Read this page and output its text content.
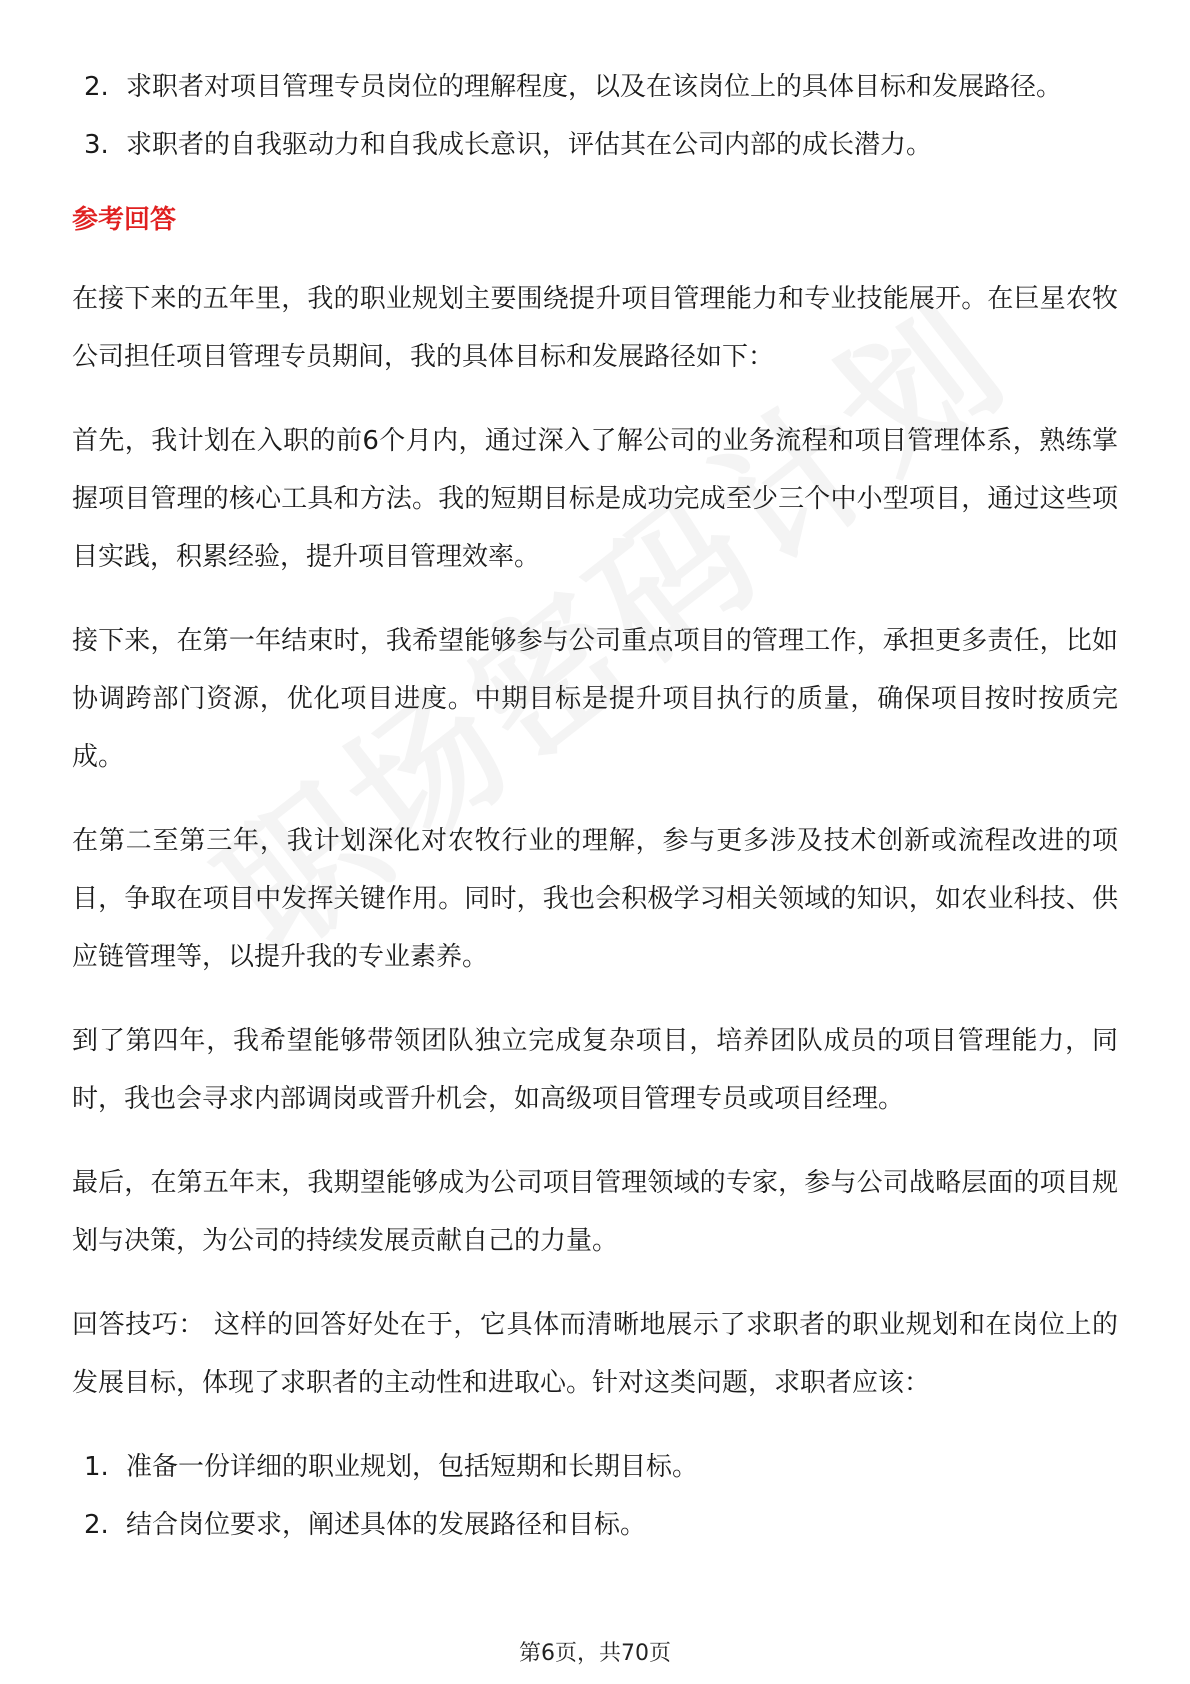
2. 求职者对项目管理专员岗位的理解程度，以及在该岗位上的具体目标和发展路径。
3. 求职者的自我驱动力和自我成长意识，评估其在公司内部的成长潜力。
参考回答

在接下来的五年里，我的职业规划主要围绕提升项目管理能力和专业技能展开。在巨星农牧公司担任项目管理专员期间，我的具体目标和发展路径如下：

首先，我计划在入职的前6个月内，通过深入了解公司的业务流程和项目管理体系，熟练掌握项目管理的核心工具和方法。我的短期目标是成功完成至少三个中小型项目，通过这些项目实践，积累经验，提升项目管理效率。

接下来，在第一年结束时，我希望能够参与公司重点项目的管理工作，承担更多责任，比如协调跨部门资源，优化项目进度。中期目标是提升项目执行的质量，确保项目按时按质完成。

在第二至第三年，我计划深化对农牧行业的理解，参与更多涉及技术创新或流程改进的项目，争取在项目中发挥关键作用。同时，我也会积极学习相关领域的知识，如农业科技、供应链管理等，以提升我的专业素养。

到了第四年，我希望能够带领团队独立完成复杂项目，培养团队成员的项目管理能力，同时，我也会寻求内部调岗或晋升机会，如高级项目管理专员或项目经理。

最后，在第五年末，我期望能够成为公司项目管理领域的专家，参与公司战略层面的项目规划与决策，为公司的持续发展贡献自己的力量。

回答技巧： 这样的回答好处在于，它具体而清晰地展示了求职者的职业规划和在岗位上的发展目标，体现了求职者的主动性和进取心。针对这类问题，求职者应该：

1. 准备一份详细的职业规划，包括短期和长期目标。
2. 结合岗位要求，阐述具体的发展路径和目标。
第6页，共70页
